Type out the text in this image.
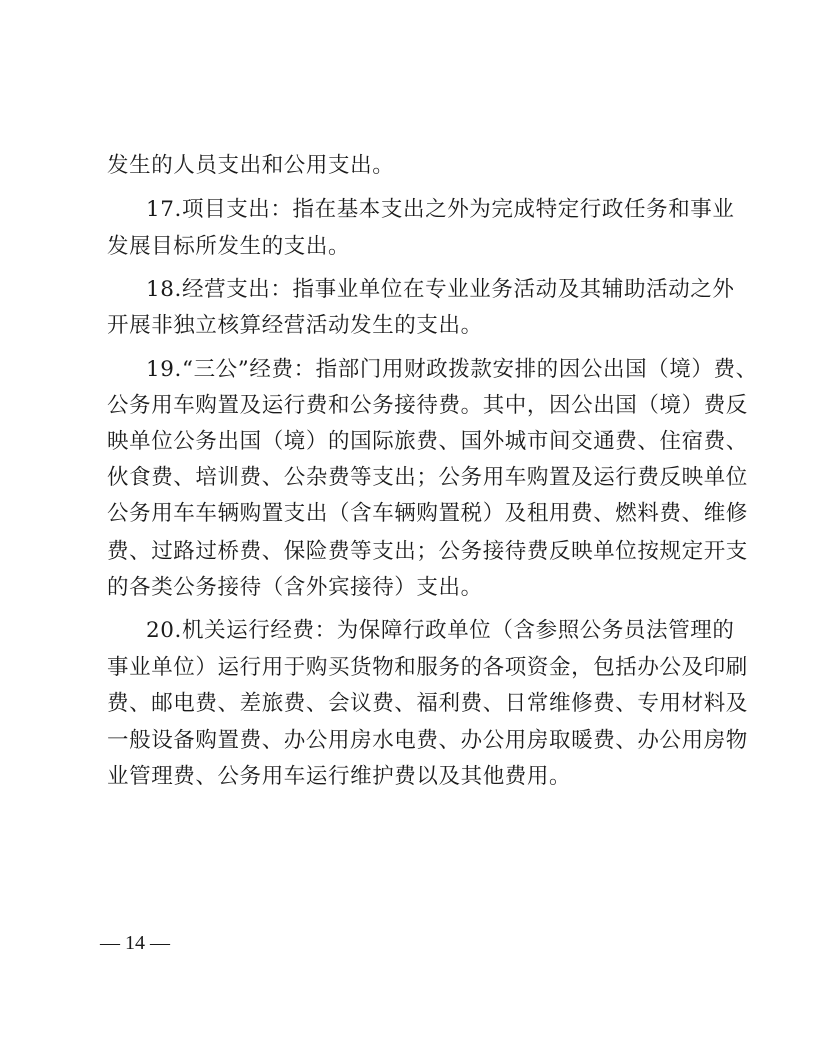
发生的人员支出和公用支出。
17.项目支出：指在基本支出之外为完成特定行政任务和事业
发展目标所发生的支出。
18.经营支出：指事业单位在专业业务活动及其辅助活动之外
开展非独立核算经营活动发生的支出。
19.“三公”经费：指部门用财政拨款安排的因公出国（境）费、
公务用车购置及运行费和公务接待费。其中，因公出国（境）费反
映单位公务出国（境）的国际旅费、国外城市间交通费、住宿费、
伙食费、培训费、公杂费等支出；公务用车购置及运行费反映单位
公务用车车辆购置支出（含车辆购置税）及租用费、燃料费、维修
费、过路过桥费、保险费等支出；公务接待费反映单位按规定开支
的各类公务接待（含外宾接待）支出。
20.机关运行经费：为保障行政单位（含参照公务员法管理的
事业单位）运行用于购买货物和服务的各项资金，包括办公及印刷
费、邮电费、差旅费、会议费、福利费、日常维修费、专用材料及
一般设备购置费、办公用房水电费、办公用房取暖费、办公用房物
业管理费、公务用车运行维护费以及其他费用。
— 14 —
